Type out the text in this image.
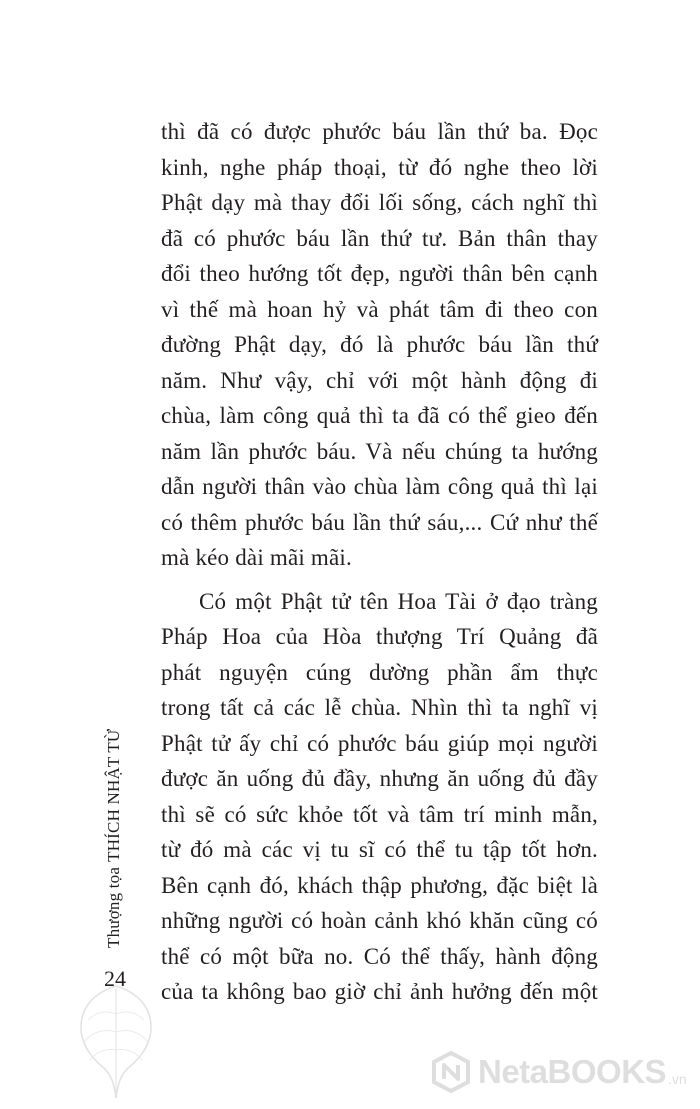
thì đã có được phước báu lần thứ ba. Đọc
kinh, nghe pháp thoại, từ đó nghe theo lời
Phật dạy mà thay đổi lối sống, cách nghĩ thì
đã có phước báu lần thứ tư. Bản thân thay
đổi theo hướng tốt đẹp, người thân bên cạnh
vì thế mà hoan hỷ và phát tâm đi theo con
đường Phật dạy, đó là phước báu lần thứ
năm. Như vậy, chỉ với một hành động đi
chùa, làm công quả thì ta đã có thể gieo đến
năm lần phước báu. Và nếu chúng ta hướng
dẫn người thân vào chùa làm công quả thì lại
có thêm phước báu lần thứ sáu,... Cứ như thế
mà kéo dài mãi mãi.
Có một Phật tử tên Hoa Tài ở đạo tràng
Pháp Hoa của Hòa thượng Trí Quảng đã
phát nguyện cúng dường phần ẩm thực
trong tất cả các lễ chùa. Nhìn thì ta nghĩ vị
Phật tử ấy chỉ có phước báu giúp mọi người
được ăn uống đủ đầy, nhưng ăn uống đủ đầy
thì sẽ có sức khỏe tốt và tâm trí minh mẫn,
từ đó mà các vị tu sĩ có thể tu tập tốt hơn.
Bên cạnh đó, khách thập phương, đặc biệt là
những người có hoàn cảnh khó khăn cũng có
thể có một bữa no. Có thể thấy, hành động
của ta không bao giờ chỉ ảnh hưởng đến một
Thượng tọaTHÍCH NHẬT TỪ
24
NetaBOOKS .vn
